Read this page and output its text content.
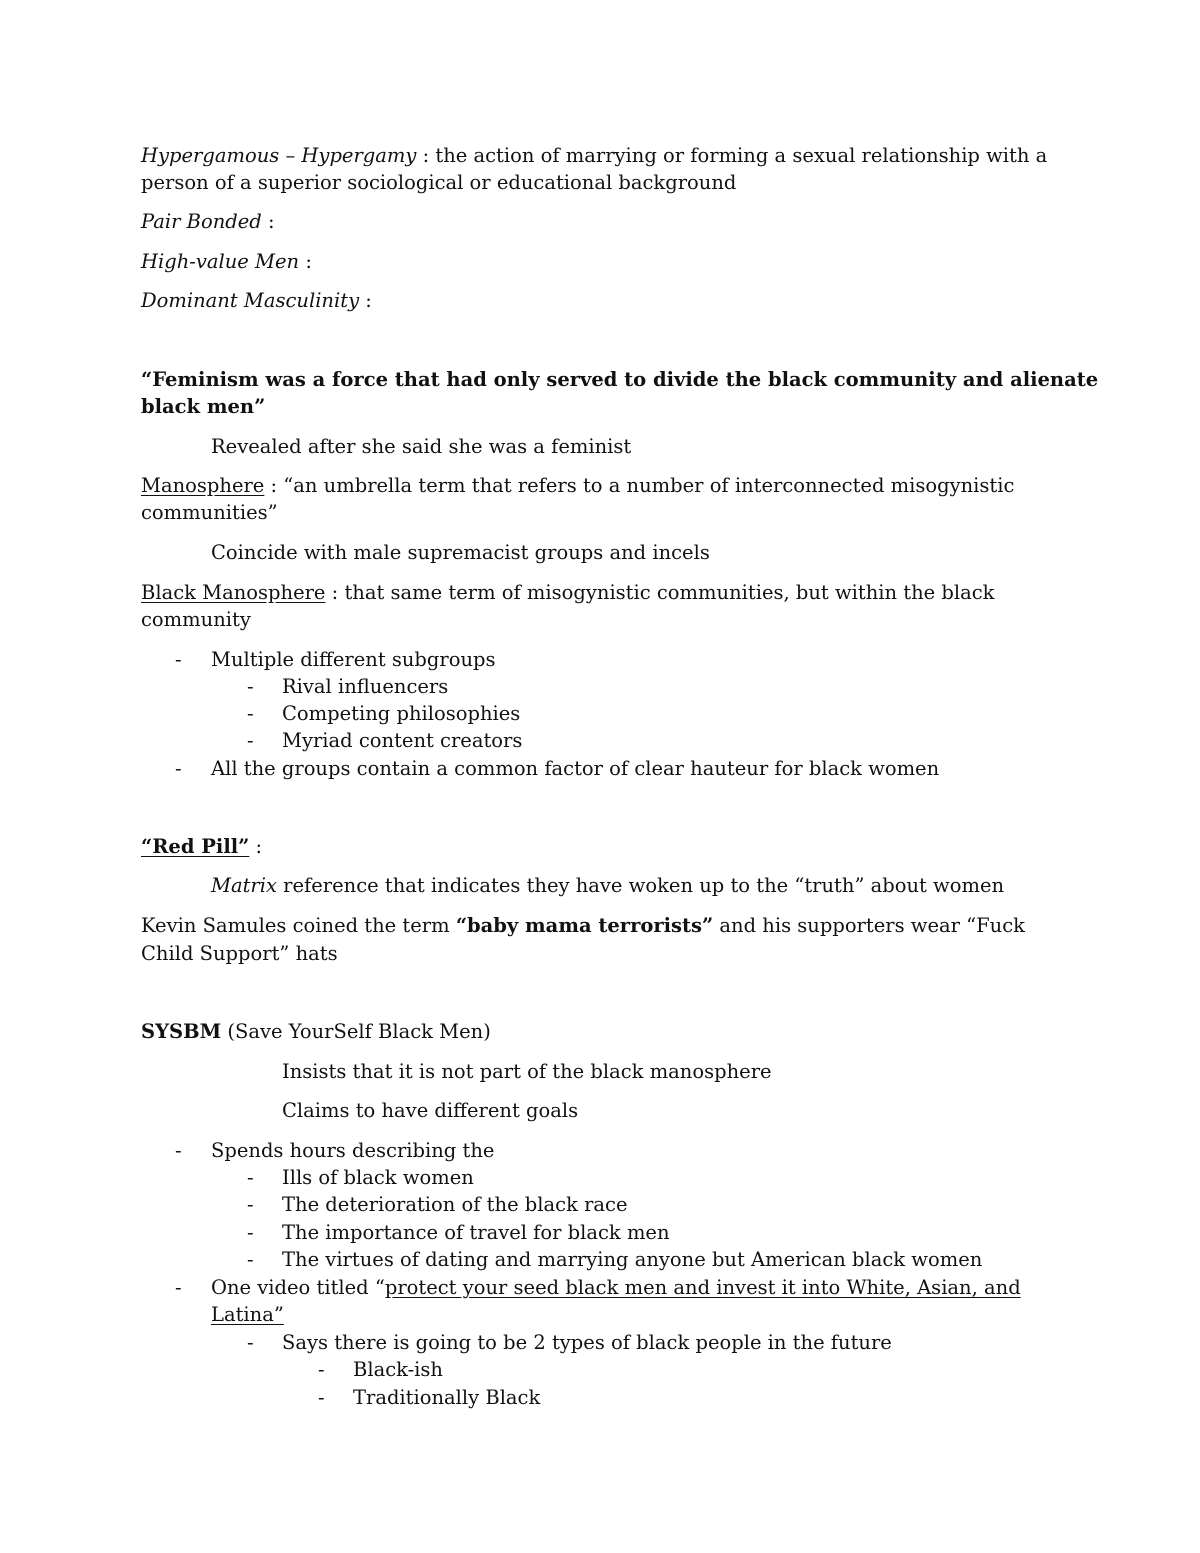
Hypergamous – Hypergamy : the action of marrying or forming a sexual relationship with a
person of a superior sociological or educational background
Pair Bonded :
High-value Men :
Dominant Masculinity :
“Feminism was a force that had only served to divide the black community and alienate
black men”
Revealed after she said she was a feminist
Manosphere : “an umbrella term that refers to a number of interconnected misogynistic
communities”
Coincide with male supremacist groups and incels
Black Manosphere : that same term of misogynistic communities, but within the black
community
- Multiple different subgroups
- Rival influencers
- Competing philosophies
- Myriad content creators
- All the groups contain a common factor of clear hauteur for black women
“Red Pill” :
Matrix reference that indicates they have woken up to the “truth” about women
Kevin Samules coined the term “baby mama terrorists” and his supporters wear “Fuck
Child Support” hats
SYSBM (Save YourSelf Black Men)
Insists that it is not part of the black manosphere
Claims to have different goals
- Spends hours describing the
- Ills of black women
- The deterioration of the black race
- The importance of travel for black men
- The virtues of dating and marrying anyone but American black women
- One video titled “protect your seed black men and invest it into White, Asian, and
Latina”
- Says there is going to be 2 types of black people in the future
- Black-ish
- Traditionally Black
